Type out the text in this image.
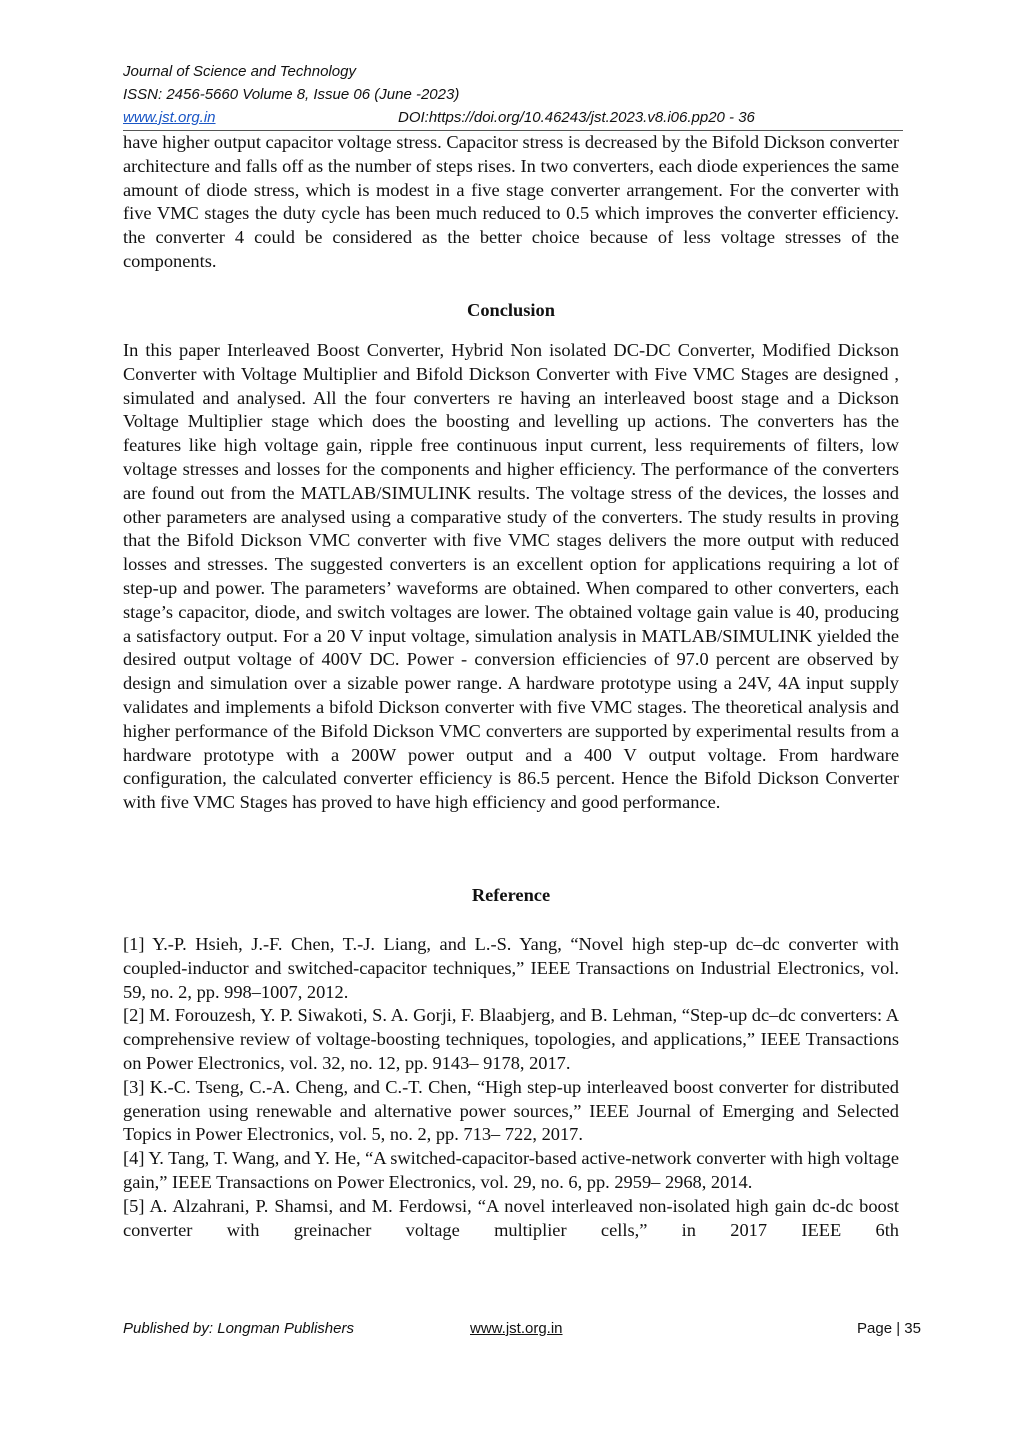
Journal of Science and Technology
ISSN: 2456-5660 Volume 8, Issue 06 (June -2023)
www.jst.org.in	DOI:https://doi.org/10.46243/jst.2023.v8.i06.pp20 - 36

have higher output capacitor voltage stress. Capacitor stress is decreased by the Bifold Dickson converter architecture and falls off as the number of steps rises. In two converters, each diode experiences the same amount of diode stress, which is modest in a five stage converter arrangement. For the converter with five VMC stages the duty cycle has been much reduced to 0.5 which improves the converter efficiency. the converter 4 could be considered as the better choice because of less voltage stresses of the components.

Conclusion

In this paper Interleaved Boost Converter, Hybrid Non isolated DC-DC Converter, Modified Dickson Converter with Voltage Multiplier and Bifold Dickson Converter with Five VMC Stages are designed , simulated and analysed. All the four converters re having an interleaved boost stage and a Dickson Voltage Multiplier stage which does the boosting and levelling up actions. The converters has the features like high voltage gain, ripple free continuous input current, less requirements of filters, low voltage stresses and losses for the components and higher efficiency. The performance of the converters are found out from the MATLAB/SIMULINK results. The voltage stress of the devices, the losses and other parameters are analysed using a comparative study of the converters. The study results in proving that the Bifold Dickson VMC converter with five VMC stages delivers the more output with reduced losses and stresses. The suggested converters is an excellent option for applications requiring a lot of step-up and power. The parameters’ waveforms are obtained. When compared to other converters, each stage’s capacitor, diode, and switch voltages are lower. The obtained voltage gain value is 40, producing a satisfactory output. For a 20 V input voltage, simulation analysis in MATLAB/SIMULINK yielded the desired output voltage of 400V DC. Power - conversion efficiencies of 97.0 percent are observed by design and simulation over a sizable power range. A hardware prototype using a 24V, 4A input supply validates and implements a bifold Dickson converter with five VMC stages. The theoretical analysis and higher performance of the Bifold Dickson VMC converters are supported by experimental results from a hardware prototype with a 200W power output and a 400 V output voltage. From hardware configuration, the calculated converter efficiency is 86.5 percent. Hence the Bifold Dickson Converter with five VMC Stages has proved to have high efficiency and good performance.

Reference

[1] Y.-P. Hsieh, J.-F. Chen, T.-J. Liang, and L.-S. Yang, “Novel high step-up dc–dc converter with coupled-inductor and switched-capacitor techniques,” IEEE Transactions on Industrial Electronics, vol. 59, no. 2, pp. 998–1007, 2012.

[2] M. Forouzesh, Y. P. Siwakoti, S. A. Gorji, F. Blaabjerg, and B. Lehman, “Step-up dc–dc converters: A comprehensive review of voltage-boosting techniques, topologies, and applications,” IEEE Transactions on Power Electronics, vol. 32, no. 12, pp. 9143– 9178, 2017.

[3] K.-C. Tseng, C.-A. Cheng, and C.-T. Chen, “High step-up interleaved boost converter for distributed generation using renewable and alternative power sources,” IEEE Journal of Emerging and Selected Topics in Power Electronics, vol. 5, no. 2, pp. 713– 722, 2017.

[4] Y. Tang, T. Wang, and Y. He, “A switched-capacitor-based active-network converter with high voltage gain,” IEEE Transactions on Power Electronics, vol. 29, no. 6, pp. 2959– 2968, 2014.

[5] A. Alzahrani, P. Shamsi, and M. Ferdowsi, “A novel interleaved non-isolated high gain dc-dc boost converter with greinacher voltage multiplier cells,” in 2017 IEEE 6th

Published by: Longman Publishers	www.jst.org.in	Page | 35
